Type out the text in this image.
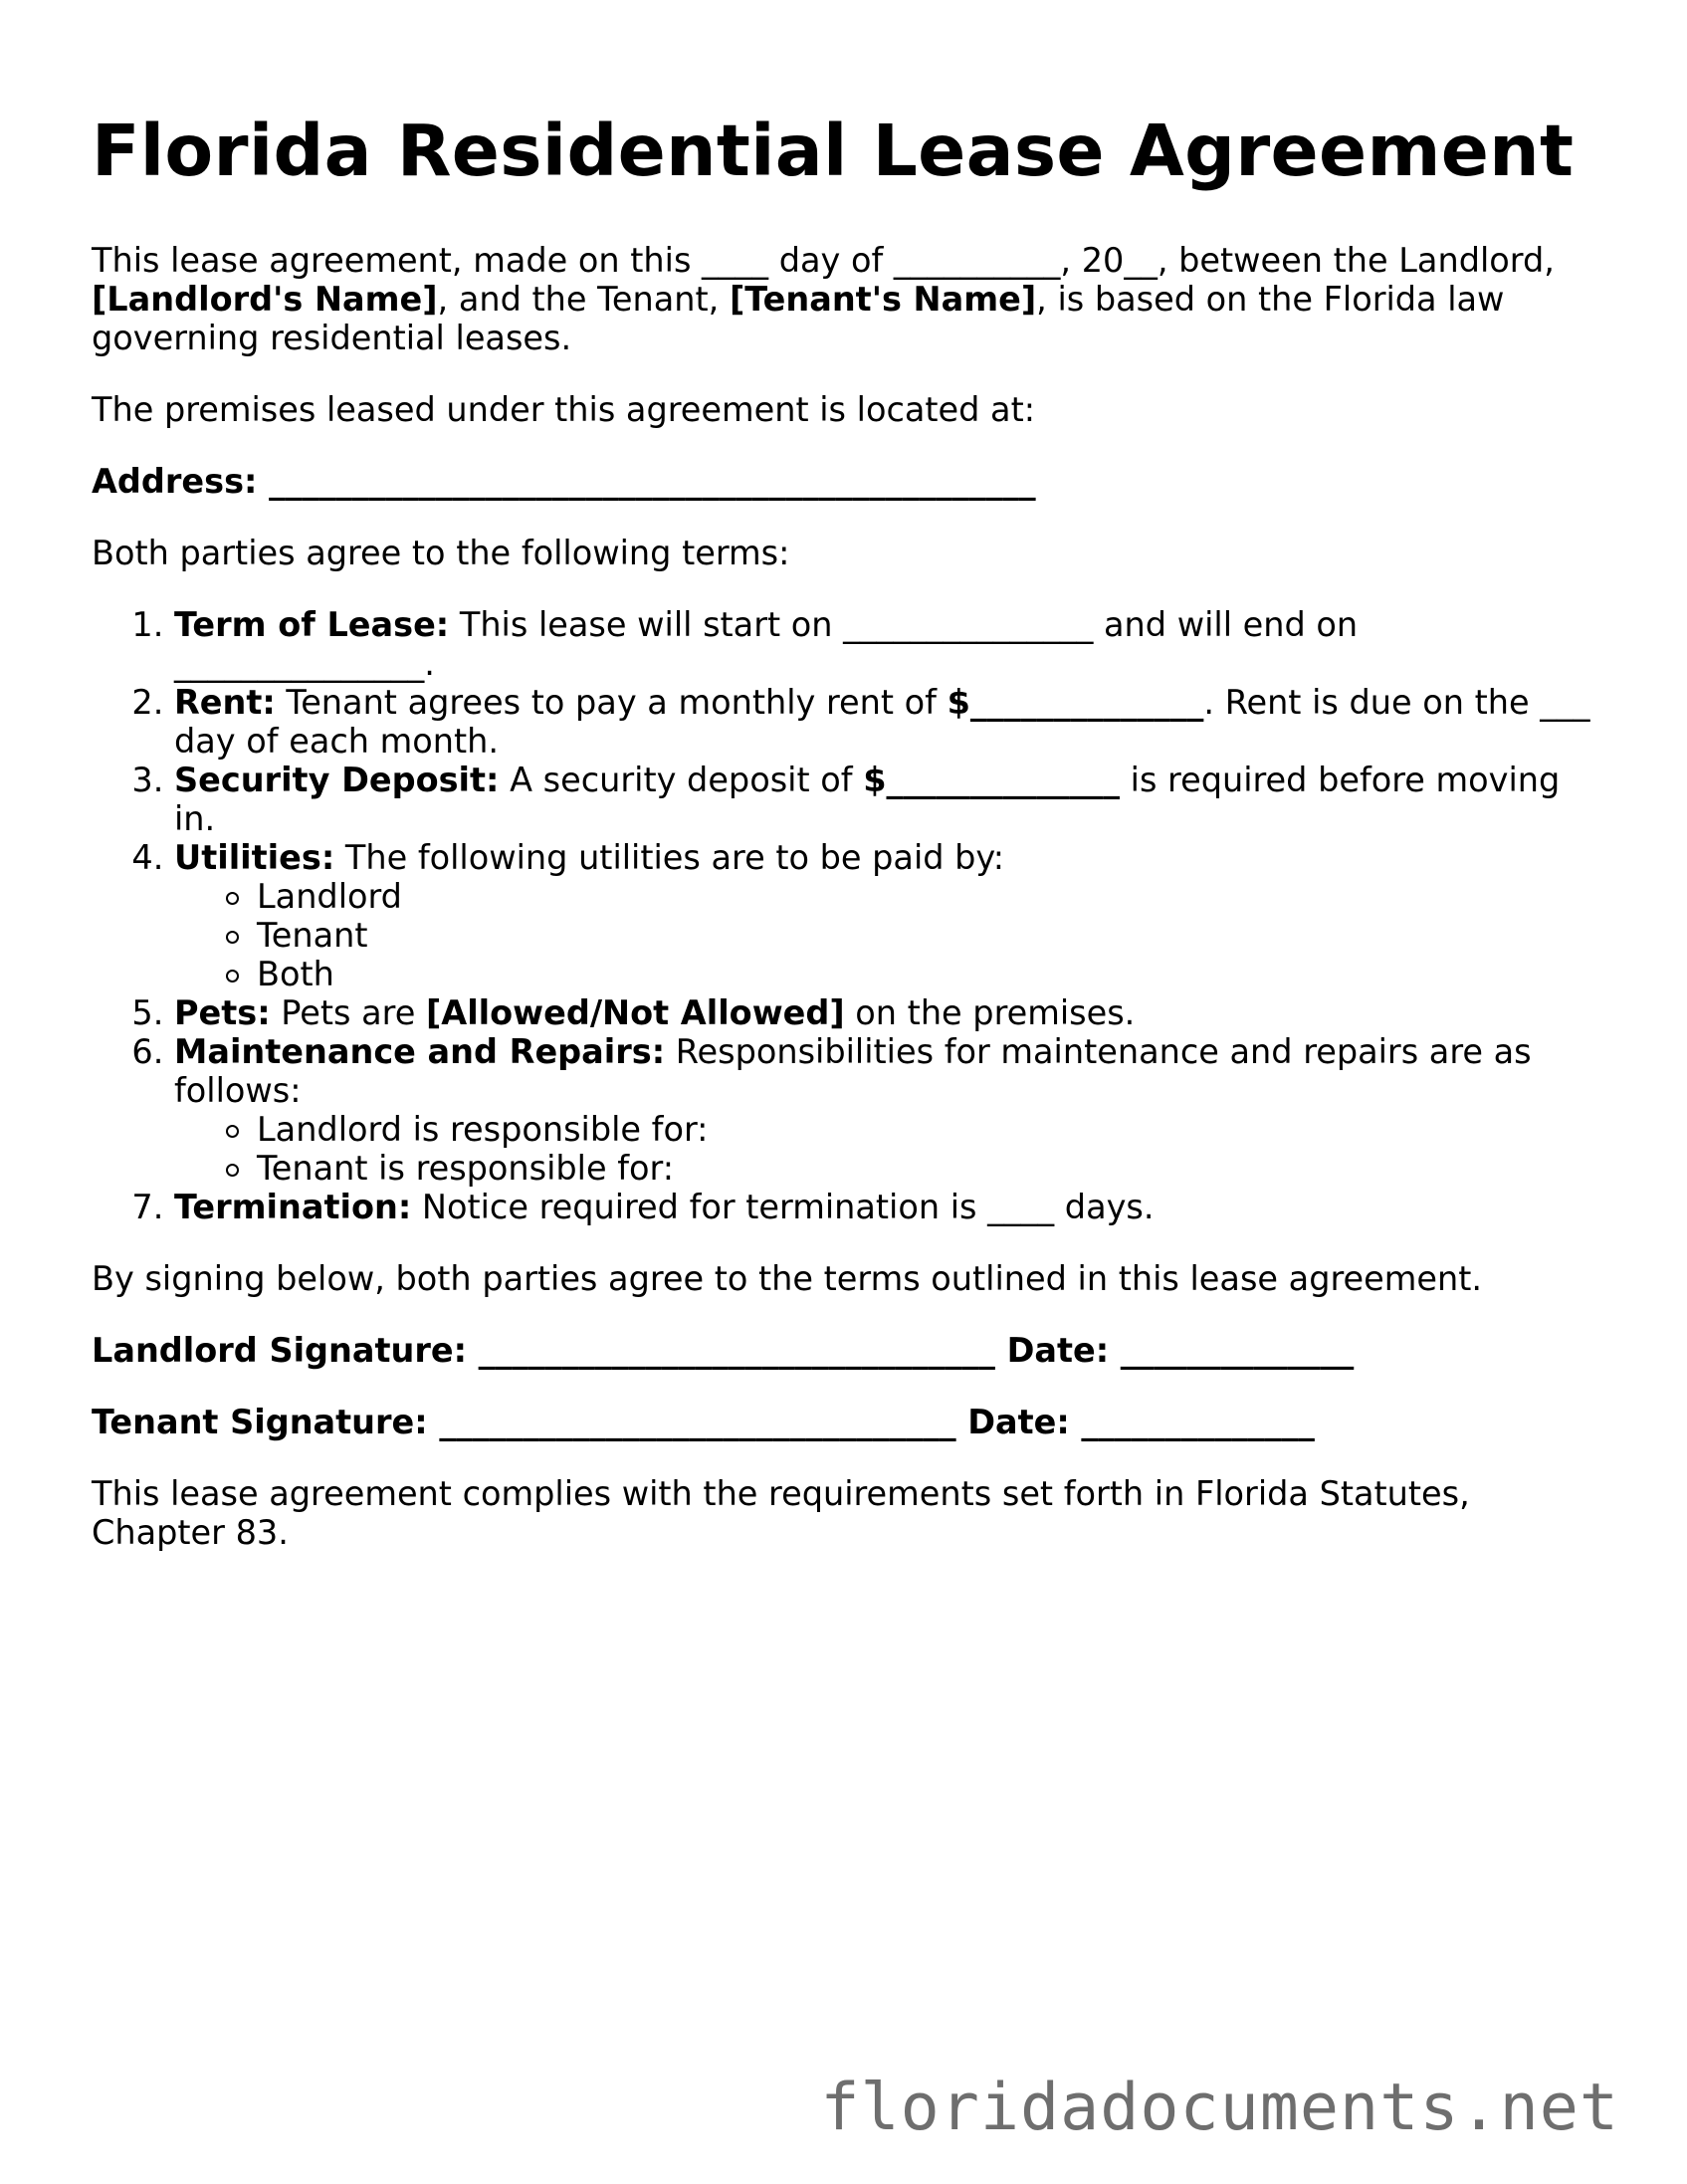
Florida Residential Lease Agreement

This lease agreement, made on this ____ day of __________, 20__, between the Landlord, [Landlord's Name], and the Tenant, [Tenant's Name], is based on the Florida law governing residential leases.

The premises leased under this agreement is located at:

Address: ______________________________________________

Both parties agree to the following terms:

1. Term of Lease: This lease will start on _______________ and will end on _______________.
2. Rent: Tenant agrees to pay a monthly rent of $______________. Rent is due on the ___ day of each month.
3. Security Deposit: A security deposit of $______________ is required before moving in.
4. Utilities: The following utilities are to be paid by:
Landlord
Tenant
Both
5. Pets: Pets are [Allowed/Not Allowed] on the premises.
6. Maintenance and Repairs: Responsibilities for maintenance and repairs are as follows:
Landlord is responsible for:
Tenant is responsible for:
7. Termination: Notice required for termination is ____ days.

By signing below, both parties agree to the terms outlined in this lease agreement.

Landlord Signature: _______________________________ Date: ______________

Tenant Signature: _______________________________ Date: ______________

This lease agreement complies with the requirements set forth in Florida Statutes, Chapter 83.

floridadocuments.net
